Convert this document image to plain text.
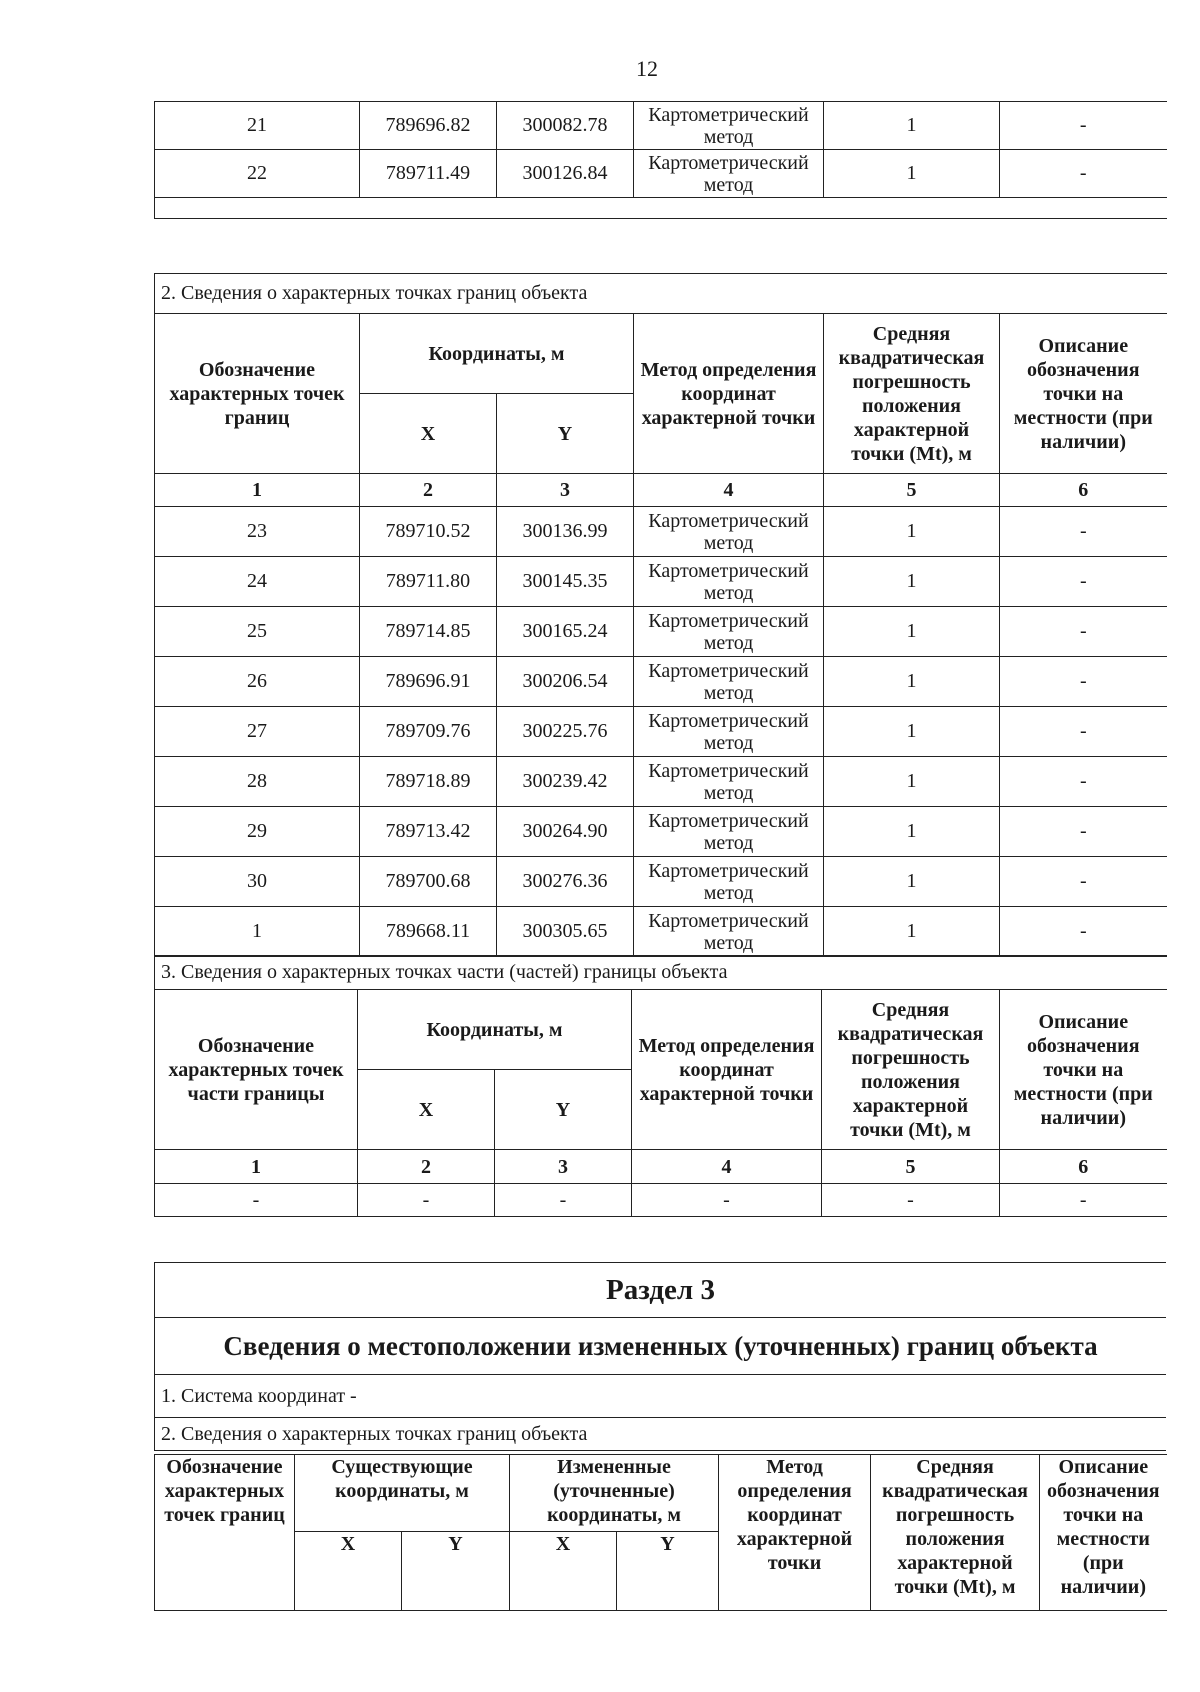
12
21	789696.82	300082.78	Картометрический метод	1	-
22	789711.49	300126.84	Картометрический метод	1	-

2. Сведения о характерных точках границ объекта					
Обозначение характерных точек границ	Координаты, м		Метод определения координат характерной точки	Средняя квадратическая погрешность положения характерной точки (Mt), м	Описание обозначения точки на местности (при наличии)
	X	Y			
1	2	3	4	5	6
23	789710.52	300136.99	Картометрический метод	1	-
24	789711.80	300145.35	Картометрический метод	1	-
25	789714.85	300165.24	Картометрический метод	1	-
26	789696.91	300206.54	Картометрический метод	1	-
27	789709.76	300225.76	Картометрический метод	1	-
28	789718.89	300239.42	Картометрический метод	1	-
29	789713.42	300264.90	Картометрический метод	1	-
30	789700.68	300276.36	Картометрический метод	1	-
1	789668.11	300305.65	Картометрический метод	1	-
3. Сведения о характерных точках части (частей) границы объекта					
Обозначение характерных точек части границы	Координаты, м		Метод определения координат характерной точки	Средняя квадратическая погрешность положения характерной точки (Mt), м	Описание обозначения точки на местности (при наличии)
	X	Y			
1	2	3	4	5	6
-	-	-	-	-	-
Раздел 3
Сведения о местоположении измененных (уточненных) границ объекта
1. Система координат -
2. Сведения о характерных точках границ объекта
Обозначение характерных точек границ	Существующие координаты, м		Измененные (уточненные) координаты, м		Метод определения координат характерной точки	Средняя квадратическая погрешность положения характерной точки (Mt), м	Описание обозначения точки на местности (при наличии)
	X	Y	X	Y			
